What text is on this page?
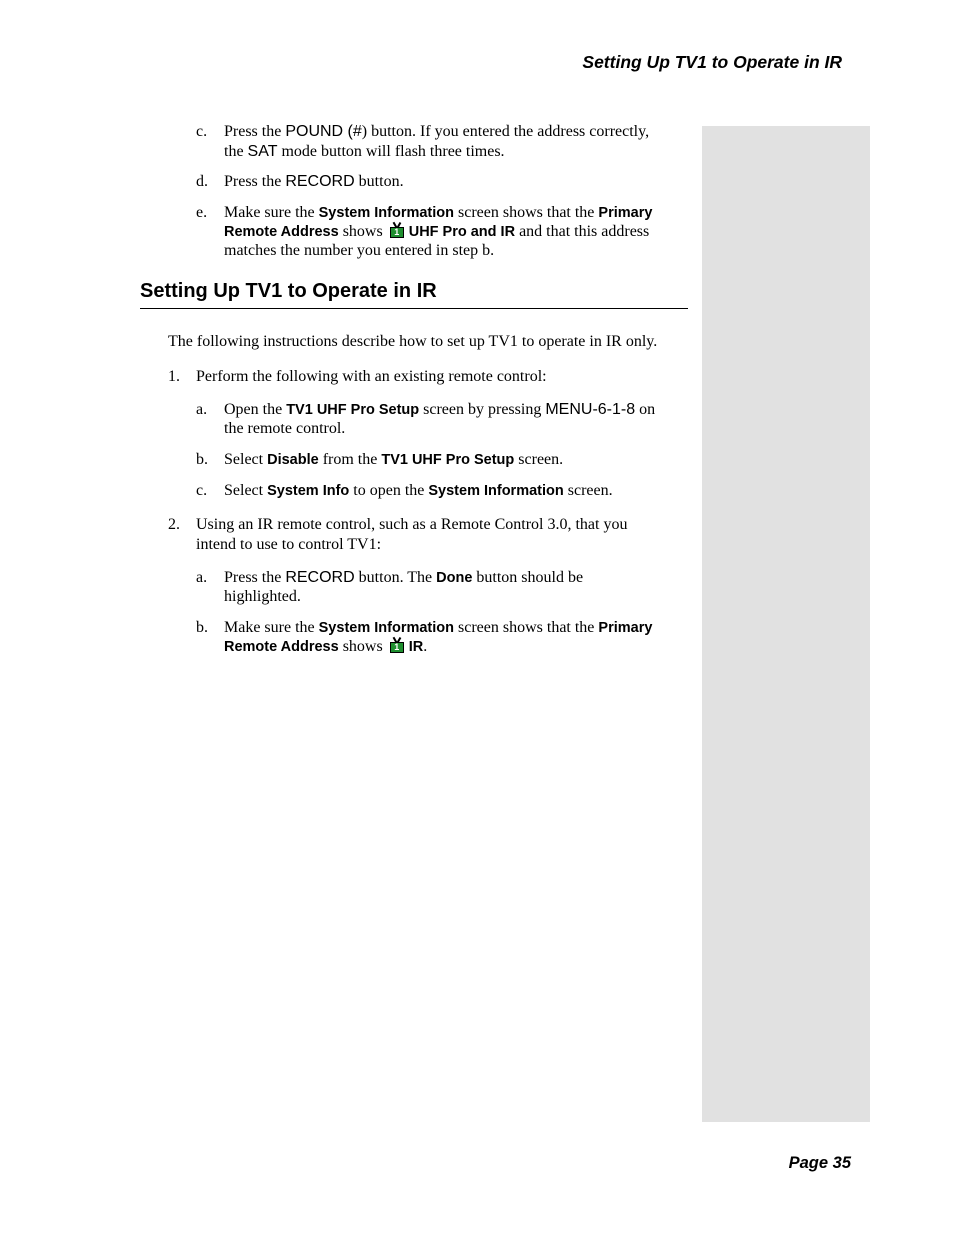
Setting Up TV1 to Operate in IR
c. Press the POUND (#) button. If you entered the address correctly,
the SAT mode button will flash three times.
d. Press the RECORD button.
e. Make sure the System Information screen shows that the Primary
Remote Address shows 1 UHF Pro and IR and that this address
matches the number you entered in step b.
Setting Up TV1 to Operate in IR
The following instructions describe how to set up TV1 to operate in IR only.
1. Perform the following with an existing remote control:
a. Open the TV1 UHF Pro Setup screen by pressing MENU-6-1-8 on
the remote control.
b. Select Disable from the TV1 UHF Pro Setup screen.
c. Select System Info to open the System Information screen.
2. Using an IR remote control, such as a Remote Control 3.0, that you
intend to use to control TV1:
a. Press the RECORD button. The Done button should be
highlighted.
b. Make sure the System Information screen shows that the Primary
Remote Address shows 1 IR.
Page 35
